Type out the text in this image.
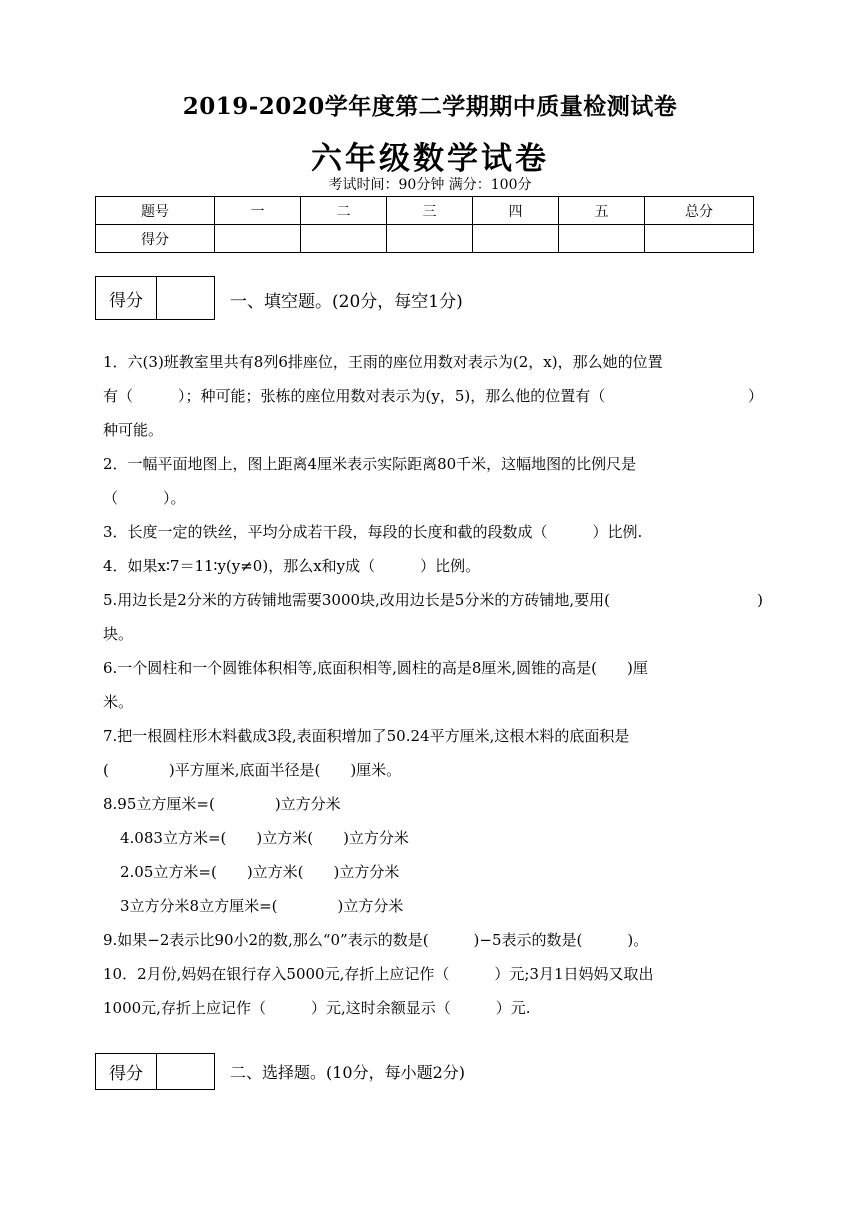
2019-2020学年度第二学期期中质量检测试卷
六年级数学试卷
考试时间：90分钟 满分：100分
题号	一	二	三	四	五	总分
得分						
得分	一、填空题。(20分，每空1分)
1．六(3)班教室里共有8列6排座位，王雨的座位用数对表示为(2，x)，那么她的位置
有（　　　）；种可能；张栋的座位用数对表示为(y，5)，那么他的位置有（　　　	）
种可能。
2．一幅平面地图上，图上距离4厘米表示实际距离80千米，这幅地图的比例尺是
（　　　）。
3．长度一定的铁丝，平均分成若干段，每段的长度和截的段数成（　　　）比例.
4．如果x∶7＝11∶y(y≠0)，那么x和y成（　　　）比例。
5.用边长是2分米的方砖铺地需要3000块,改用边长是5分米的方砖铺地,要用(　　　	)
块。
6.一个圆柱和一个圆锥体积相等,底面积相等,圆柱的高是8厘米,圆锥的高是(　　)厘
米。
7.把一根圆柱形木料截成3段,表面积增加了50.24平方厘米,这根木料的底面积是
(　　　　)平方厘米,底面半径是(　　)厘米。
8.95立方厘米=(　　　　)立方分米
4.083立方米=(　　)立方米(　　)立方分米
2.05立方米=(　　)立方米(　　)立方分米
3立方分米8立方厘米=(　　　　)立方分米
9.如果−2表示比90小2的数,那么“0”表示的数是(　　　)−5表示的数是(　　　)。
10．2月份,妈妈在银行存入5000元,存折上应记作（　　　）元;3月1日妈妈又取出
1000元,存折上应记作（　　　）元,这时余额显示（　　　）元.
得分	二、选择题。(10分，每小题2分)
